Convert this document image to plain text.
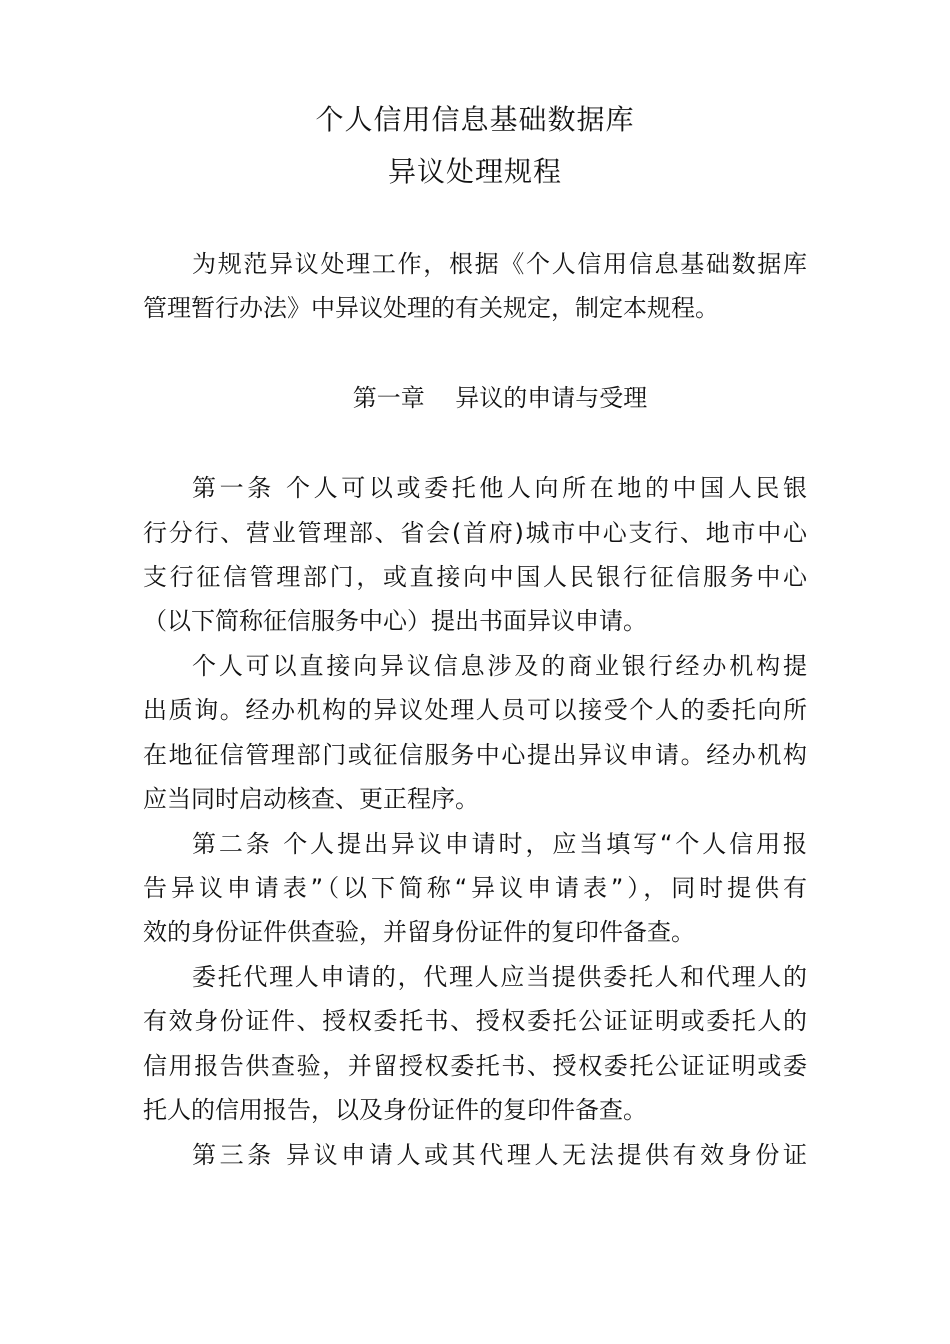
个人信用信息基础数据库
异议处理规程
为规范异议处理工作，根据《个人信用信息基础数据库
管理暂行办法》中异议处理的有关规定，制定本规程。
第一章    异议的申请与受理
第一条 个人可以或委托他人向所在地的中国人民银
行分行、营业管理部、省会(首府)城市中心支行、地市中心
支行征信管理部门，或直接向中国人民银行征信服务中心
（以下简称征信服务中心）提出书面异议申请。
个人可以直接向异议信息涉及的商业银行经办机构提
出质询。经办机构的异议处理人员可以接受个人的委托向所
在地征信管理部门或征信服务中心提出异议申请。经办机构
应当同时启动核查、更正程序。
第二条 个人提出异议申请时，应当填写“个人信用报
告异议申请表”（以下简称“异议申请表”），同时提供有
效的身份证件供查验，并留身份证件的复印件备查。
委托代理人申请的，代理人应当提供委托人和代理人的
有效身份证件、授权委托书、授权委托公证证明或委托人的
信用报告供查验，并留授权委托书、授权委托公证证明或委
托人的信用报告，以及身份证件的复印件备查。
第三条 异议申请人或其代理人无法提供有效身份证
